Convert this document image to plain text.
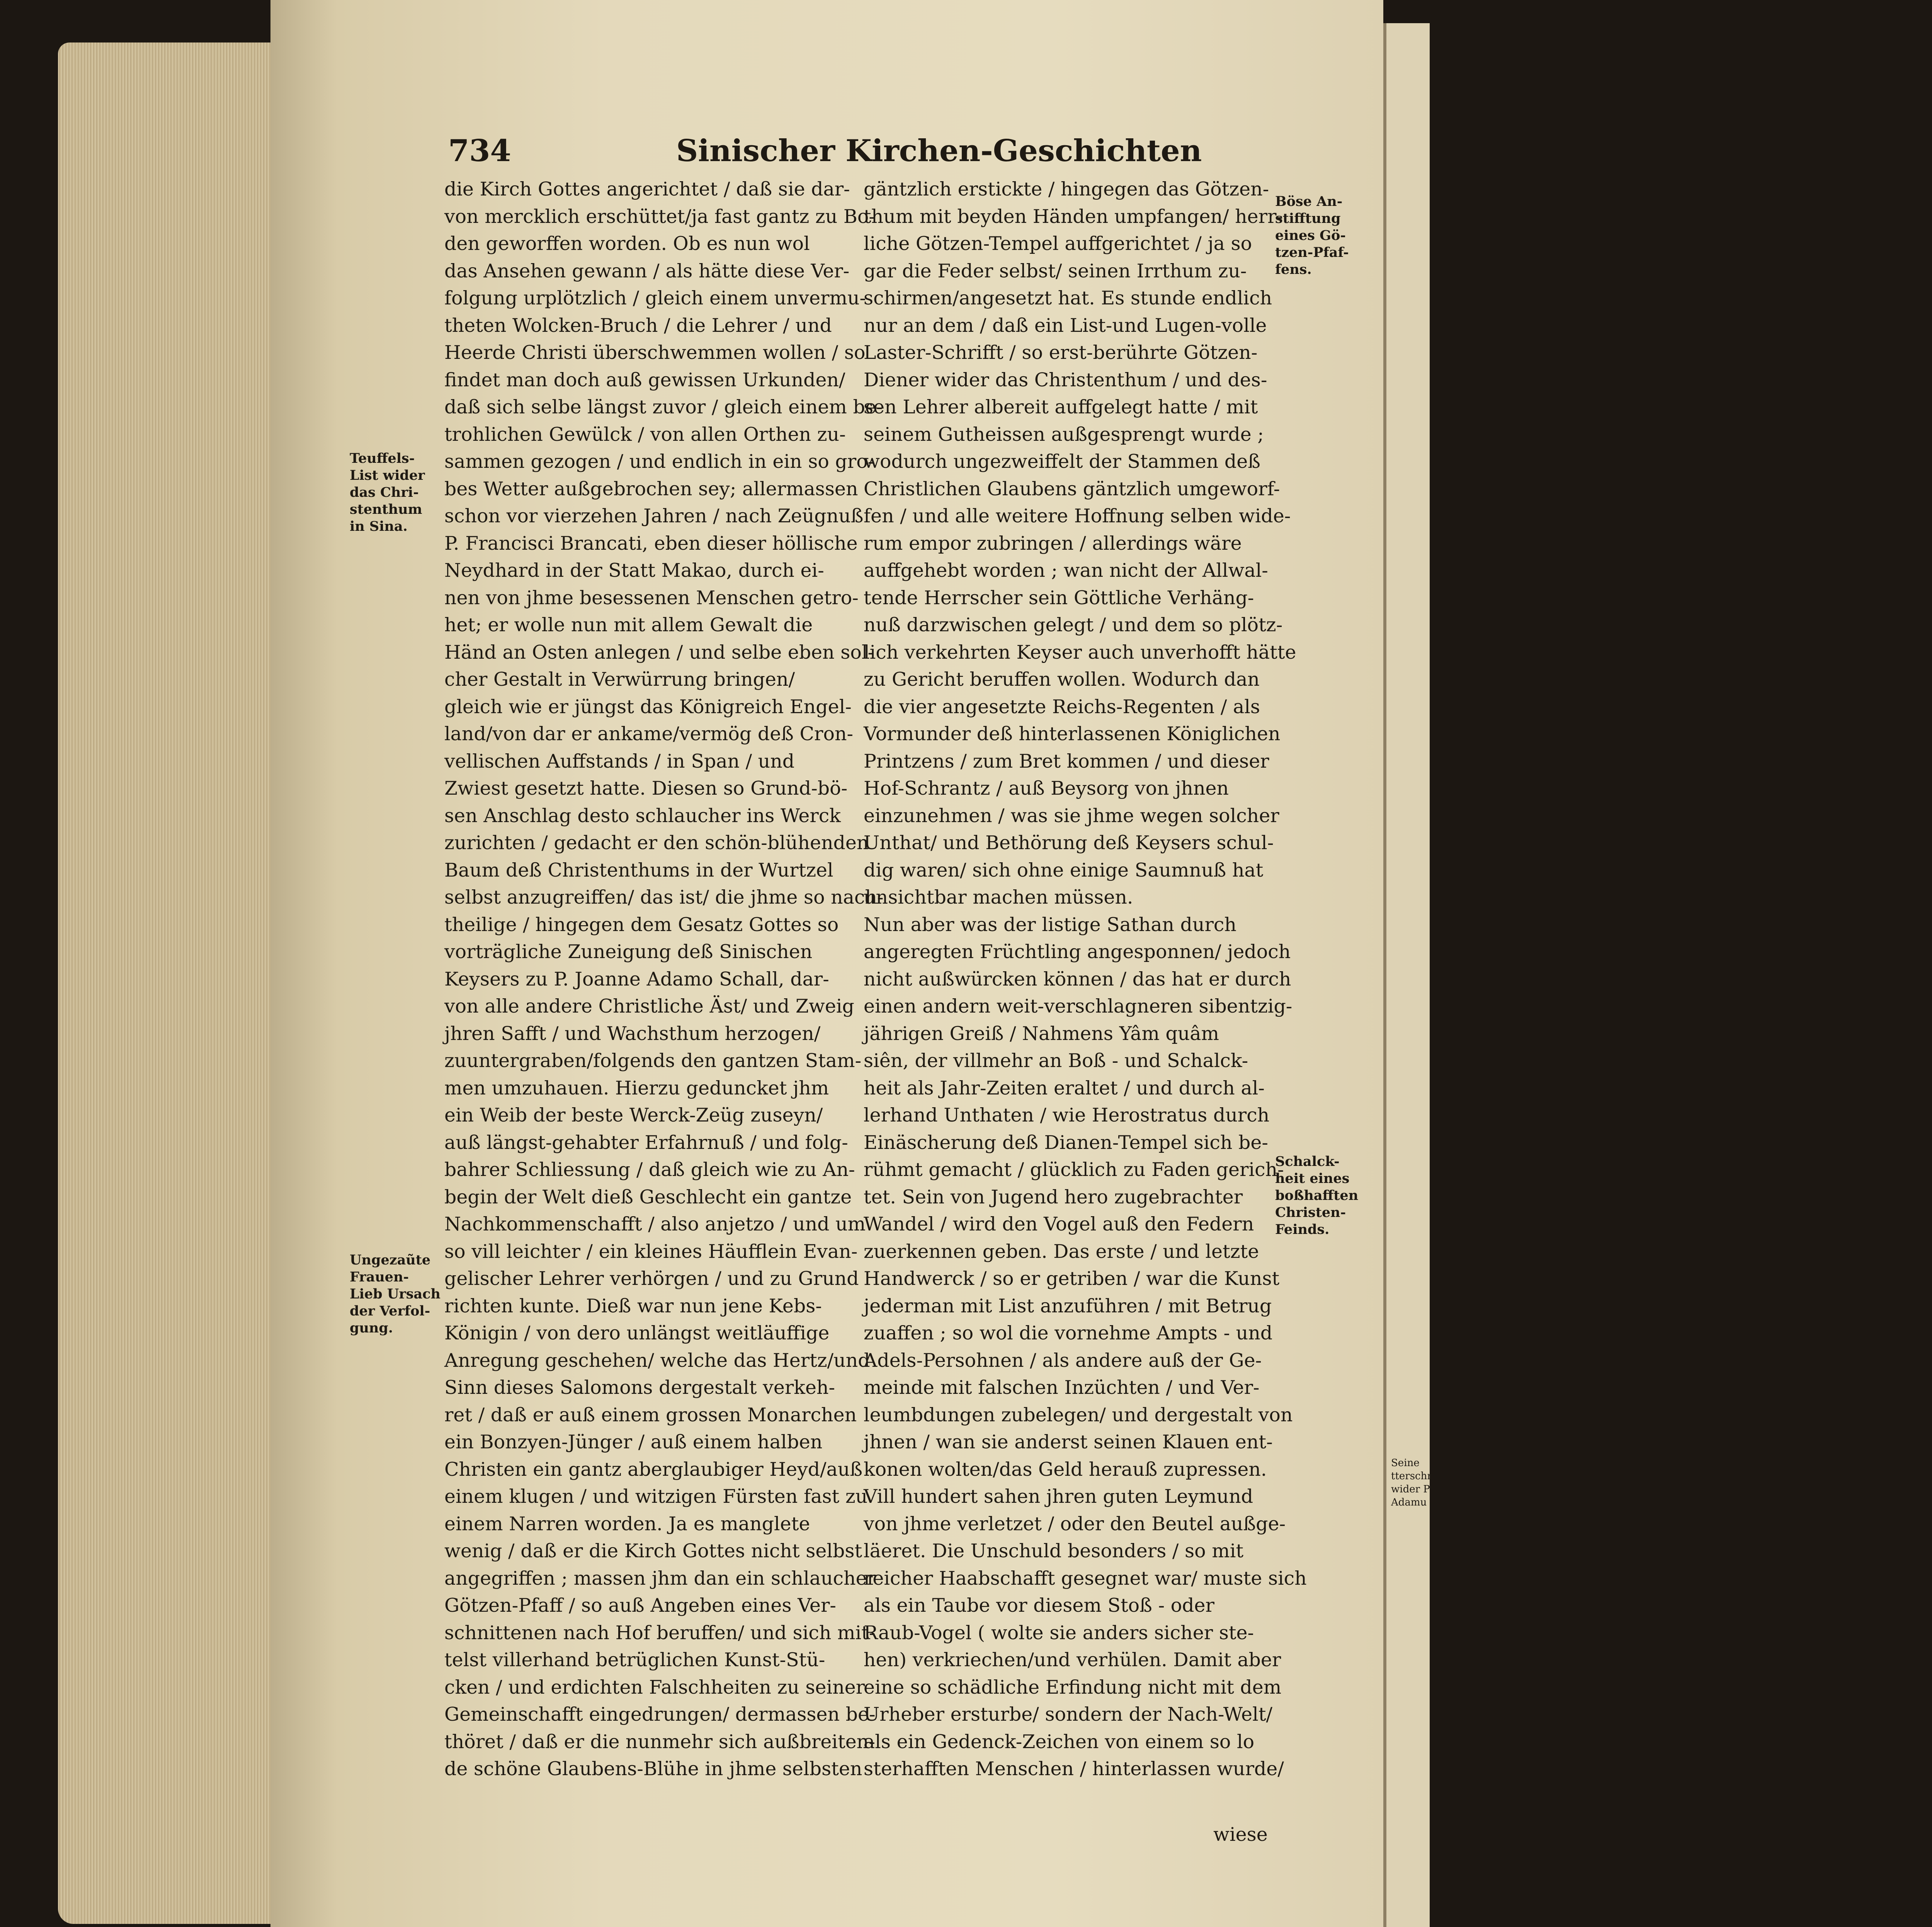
734	Sinischer Kirchen-Geschichten
die Kirch Gottes angerichtet / daß sie dar-
von mercklich erschüttet/ja fast gantz zu Bo-
den geworffen worden. Ob es nun wol
das Ansehen gewann / als hätte diese Ver-
folgung urplötzlich / gleich einem unvermu-
theten Wolcken-Bruch / die Lehrer / und
Heerde Christi überschwemmen wollen / so
findet man doch auß gewissen Urkunden/
daß sich selbe längst zuvor / gleich einem be-
trohlichen Gewülck / von allen Orthen zu-
sammen gezogen / und endlich in ein so gro-
bes Wetter außgebrochen sey; allermassen
schon vor vierzehen Jahren / nach Zeügnuß
P. Francisci Brancati, eben dieser höllische
Neydhard in der Statt Makao, durch ei-
nen von jhme besessenen Menschen getro-
het; er wolle nun mit allem Gewalt die
Händ an Osten anlegen / und selbe eben sol-
cher Gestalt in Verwürrung bringen/
gleich wie er jüngst das Königreich Engel-
land/von dar er ankame/vermög deß Cron-
vellischen Auffstands / in Span / und
Zwiest gesetzt hatte. Diesen so Grund-bö-
sen Anschlag desto schlaucher ins Werck
zurichten / gedacht er den schön-blühenden
Baum deß Christenthums in der Wurtzel
selbst anzugreiffen/ das ist/ die jhme so nach-
theilige / hingegen dem Gesatz Gottes so
vorträgliche Zuneigung deß Sinischen
Keysers zu P. Joanne Adamo Schall, dar-
von alle andere Christliche Äst/ und Zweig
jhren Safft / und Wachsthum herzogen/
zuuntergraben/folgends den gantzen Stam-
men umzuhauen. Hierzu geduncket jhm
ein Weib der beste Werck-Zeüg zuseyn/
auß längst-gehabter Erfahrnuß / und folg-
bahrer Schliessung / daß gleich wie zu An-
begin der Welt dieß Geschlecht ein gantze
Nachkommenschafft / also anjetzo / und um
so vill leichter / ein kleines Häufflein Evan-
gelischer Lehrer verhörgen / und zu Grund
richten kunte. Dieß war nun jene Kebs-
Königin / von dero unlängst weitläuffige
Anregung geschehen/ welche das Hertz/und
Sinn dieses Salomons dergestalt verkeh-
ret / daß er auß einem grossen Monarchen
ein Bonzyen-Jünger / auß einem halben
Christen ein gantz aberglaubiger Heyd/auß
einem klugen / und witzigen Fürsten fast zu
einem Narren worden. Ja es manglete
wenig / daß er die Kirch Gottes nicht selbst
angegriffen ; massen jhm dan ein schlaucher
Götzen-Pfaff / so auß Angeben eines Ver-
schnittenen nach Hof beruffen/ und sich mit-
telst villerhand betrüglichen Kunst-Stü-
cken / und erdichten Falschheiten zu seiner
Gemeinschafft eingedrungen/ dermassen be-
thöret / daß er die nunmehr sich außbreiten-
de schöne Glaubens-Blühe in jhme selbsten
gäntzlich erstickte / hingegen das Götzen-
thum mit beyden Händen umpfangen/ herr-
liche Götzen-Tempel auffgerichtet / ja so
gar die Feder selbst/ seinen Irrthum zu-
schirmen/angesetzt hat. Es stunde endlich
nur an dem / daß ein List-und Lugen-volle
Laster-Schrifft / so erst-berührte Götzen-
Diener wider das Christenthum / und des-
sen Lehrer albereit auffgelegt hatte / mit
seinem Gutheissen außgesprengt wurde ;
wodurch ungezweiffelt der Stammen deß
Christlichen Glaubens gäntzlich umgeworf-
fen / und alle weitere Hoffnung selben wide-
rum empor zubringen / allerdings wäre
auffgehebt worden ; wan nicht der Allwal-
tende Herrscher sein Göttliche Verhäng-
nuß darzwischen gelegt / und dem so plötz-
lich verkehrten Keyser auch unverhofft hätte
zu Gericht beruffen wollen. Wodurch dan
die vier angesetzte Reichs-Regenten / als
Vormunder deß hinterlassenen Königlichen
Printzens / zum Bret kommen / und dieser
Hof-Schrantz / auß Beysorg von jhnen
einzunehmen / was sie jhme wegen solcher
Unthat/ und Bethörung deß Keysers schul-
dig waren/ sich ohne einige Saumnuß hat
unsichtbar machen müssen.
Nun aber was der listige Sathan durch
angeregten Früchtling angesponnen/ jedoch
nicht außwürcken können / das hat er durch
einen andern weit-verschlagneren sibentzig-
jährigen Greiß / Nahmens Yâm quâm
siên, der villmehr an Boß - und Schalck-
heit als Jahr-Zeiten eraltet / und durch al-
lerhand Unthaten / wie Herostratus durch
Einäscherung deß Dianen-Tempel sich be-
rühmt gemacht / glücklich zu Faden gerich-
tet. Sein von Jugend hero zugebrachter
Wandel / wird den Vogel auß den Federn
zuerkennen geben. Das erste / und letzte
Handwerck / so er getriben / war die Kunst
jederman mit List anzuführen / mit Betrug
zuaffen ; so wol die vornehme Ampts - und
Adels-Persohnen / als andere auß der Ge-
meinde mit falschen Inzüchten / und Ver-
leumbdungen zubelegen/ und dergestalt von
jhnen / wan sie anderst seinen Klauen ent-
konen wolten/das Geld herauß zupressen.
Vill hundert sahen jhren guten Leymund
von jhme verletzet / oder den Beutel außge-
läeret. Die Unschuld besonders / so mit
reicher Haabschafft gesegnet war/ muste sich
als ein Taube vor diesem Stoß - oder
Raub-Vogel ( wolte sie anders sicher ste-
hen) verkriechen/und verhülen. Damit aber
eine so schädliche Erfindung nicht mit dem
Urheber ersturbe/ sondern der Nach-Welt/
als ein Gedenck-Zeichen von einem so lo
sterhafften Menschen / hinterlassen wurde/
Teuffels-
List wider
das Chri-
stenthum
in Sina.
Ungezaũte
Frauen-
Lieb Ursach
der Verfol-
gung.
Böse An-
stifftung
eines Gö-
tzen-Pfaf-
fens.
Schalck-
heit eines
boßhafften
Christen-
Feinds.
Seine
tterschr
wider P
Adamu
wiese
